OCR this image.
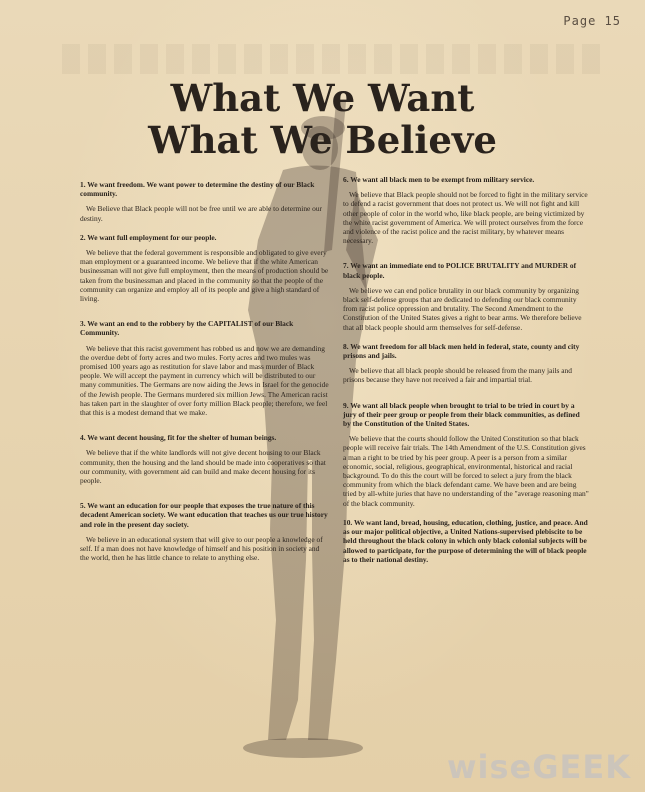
Page 15
What We Want
What We Believe

1. We want freedom. We want power to determine the destiny of our Black community.

We Believe that Black people will not be free until we are able to determine our destiny.

2. We want full employment for our people.

We believe that the federal government is responsible and obligated to give every man employment or a guaranteed income. We believe that if the white American businessman will not give full employment, then the means of production should be taken from the businessman and placed in the community so that the people of the community can organize and employ all of its people and give a high standard of living.

3. We want an end to the robbery by the CAPITALIST of our Black Community.

We believe that this racist government has robbed us and now we are demanding the overdue debt of forty acres and two mules. Forty acres and two mules was promised 100 years ago as restitution for slave labor and mass murder of Black people. We will accept the payment in currency which will be distributed to our many communities. The Germans are now aiding the Jews in Israel for the genocide of the Jewish people. The Germans murdered six million Jews. The American racist has taken part in the slaughter of over forty million Black people; therefore, we feel that this is a modest demand that we make.

4. We want decent housing, fit for the shelter of human beings.

We believe that if the white landlords will not give decent housing to our Black community, then the housing and the land should be made into cooperatives so that our community, with government aid can build and make decent housing for its people.

5. We want an education for our people that exposes the true nature of this decadent American society. We want education that teaches us our true history and role in the present day society.

We believe in an educational system that will give to our people a knowledge of self. If a man does not have knowledge of himself and his position in society and the world, then he has little chance to relate to anything else.

6. We want all black men to be exempt from military service.

We believe that Black people should not be forced to fight in the military service to defend a racist government that does not protect us. We will not fight and kill other people of color in the world who, like black people, are being victimized by the white racist government of America. We will protect ourselves from the force and violence of the racist police and the racist military, by whatever means necessary.

7. We want an immediate end to POLICE BRUTALITY and MURDER of black people.

We believe we can end police brutality in our black community by organizing black self-defense groups that are dedicated to defending our black community from racist police oppression and brutality. The Second Amendment to the Constitution of the United States gives a right to bear arms. We therefore believe that all black people should arm themselves for self-defense.

8. We want freedom for all black men held in federal, state, county and city prisons and jails.

We believe that all black people should be released from the many jails and prisons because they have not received a fair and impartial trial.

9. We want all black people when brought to trial to be tried in court by a jury of their peer group or people from their black communities, as defined by the Constitution of the United States.

We believe that the courts should follow the United Constitution so that black people will receive fair trials. The 14th Amendment of the U.S. Constitution gives a man a right to be tried by his peer group. A peer is a person from a similar economic, social, religious, geographical, environmental, historical and racial background. To do this the court will be forced to select a jury from the black community from which the black defendant came. We have been and are being tried by all-white juries that have no understanding of the "average reasoning man" of the black community.

10. We want land, bread, housing, education, clothing, justice, and peace. And as our major political objective, a United Nations-supervised plebiscite to be held throughout the black colony in which only black colonial subjects will be allowed to participate, for the purpose of determining the will of black people as to their national destiny.

wiseGEEK
